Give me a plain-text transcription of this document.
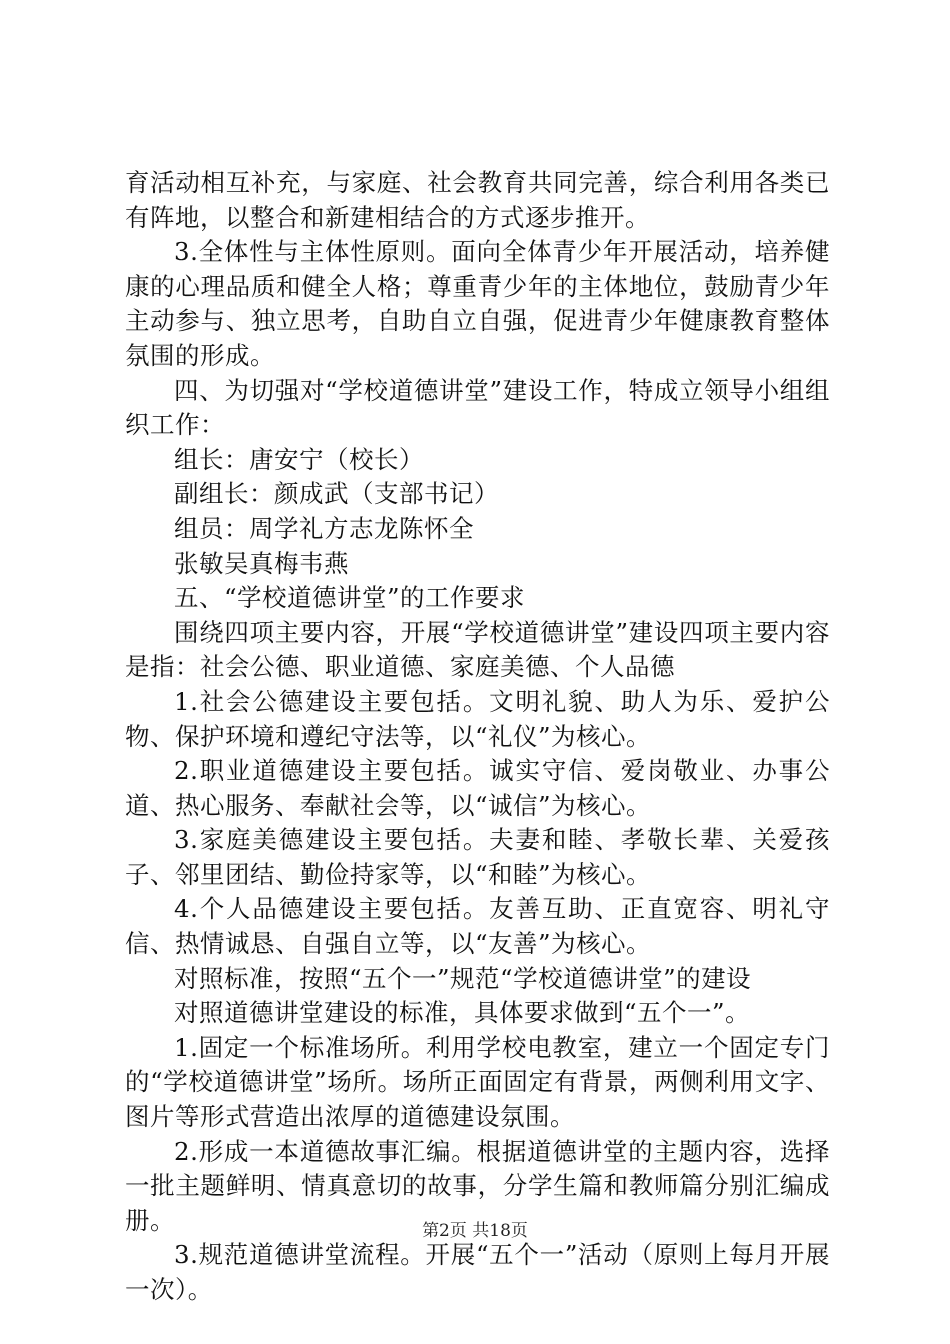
育活动相互补充，与家庭、社会教育共同完善，综合利用各类已有阵地，以整合和新建相结合的方式逐步推开。

3.全体性与主体性原则。面向全体青少年开展活动，培养健康的心理品质和健全人格；尊重青少年的主体地位，鼓励青少年主动参与、独立思考，自助自立自强，促进青少年健康教育整体氛围的形成。

四、为切强对“学校道德讲堂”建设工作，特成立领导小组组织工作：

组长：唐安宁（校长）

副组长：颜成武（支部书记）

组员：周学礼方志龙陈怀全

张敏吴真梅韦燕

五、“学校道德讲堂”的工作要求

围绕四项主要内容，开展“学校道德讲堂”建设四项主要内容是指：社会公德、职业道德、家庭美德、个人品德

1.社会公德建设主要包括。文明礼貌、助人为乐、爱护公物、保护环境和遵纪守法等，以“礼仪”为核心。

2.职业道德建设主要包括。诚实守信、爱岗敬业、办事公道、热心服务、奉献社会等，以“诚信”为核心。

3.家庭美德建设主要包括。夫妻和睦、孝敬长辈、关爱孩子、邻里团结、勤俭持家等，以“和睦”为核心。

4.个人品德建设主要包括。友善互助、正直宽容、明礼守信、热情诚恳、自强自立等，以“友善”为核心。

对照标准，按照“五个一”规范“学校道德讲堂”的建设

对照道德讲堂建设的标准，具体要求做到“五个一”。

1.固定一个标准场所。利用学校电教室，建立一个固定专门的“学校道德讲堂”场所。场所正面固定有背景，两侧利用文字、图片等形式营造出浓厚的道德建设氛围。

2.形成一本道德故事汇编。根据道德讲堂的主题内容，选择一批主题鲜明、情真意切的故事，分学生篇和教师篇分别汇编成册。

3.规范道德讲堂流程。开展“五个一”活动（原则上每月开展一次）。

第2页 共18页
